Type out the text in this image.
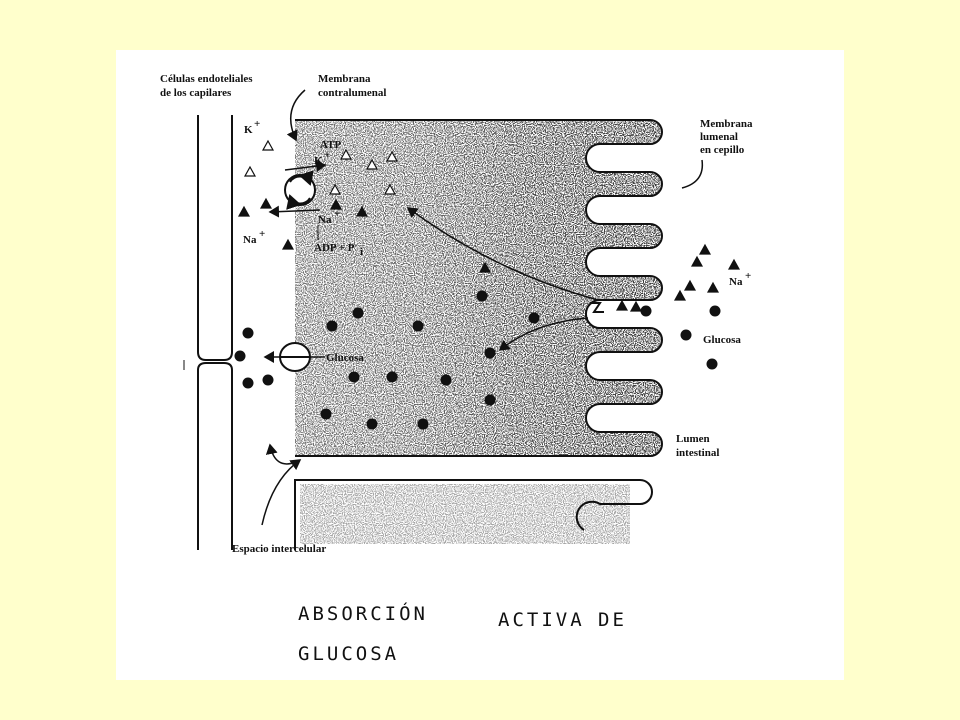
Células endoteliales
de los capilares
Membrana
contralumenal
Membrana
lumenal
en cepillo
Lumen
intestinal
Espacio intercelular
K +
ATP
K +
Na +
Na +
ADP + P i
Glucosa
Na +
Glucosa
ABSORCIÓN	ACTIVA DE
GLUCOSA
